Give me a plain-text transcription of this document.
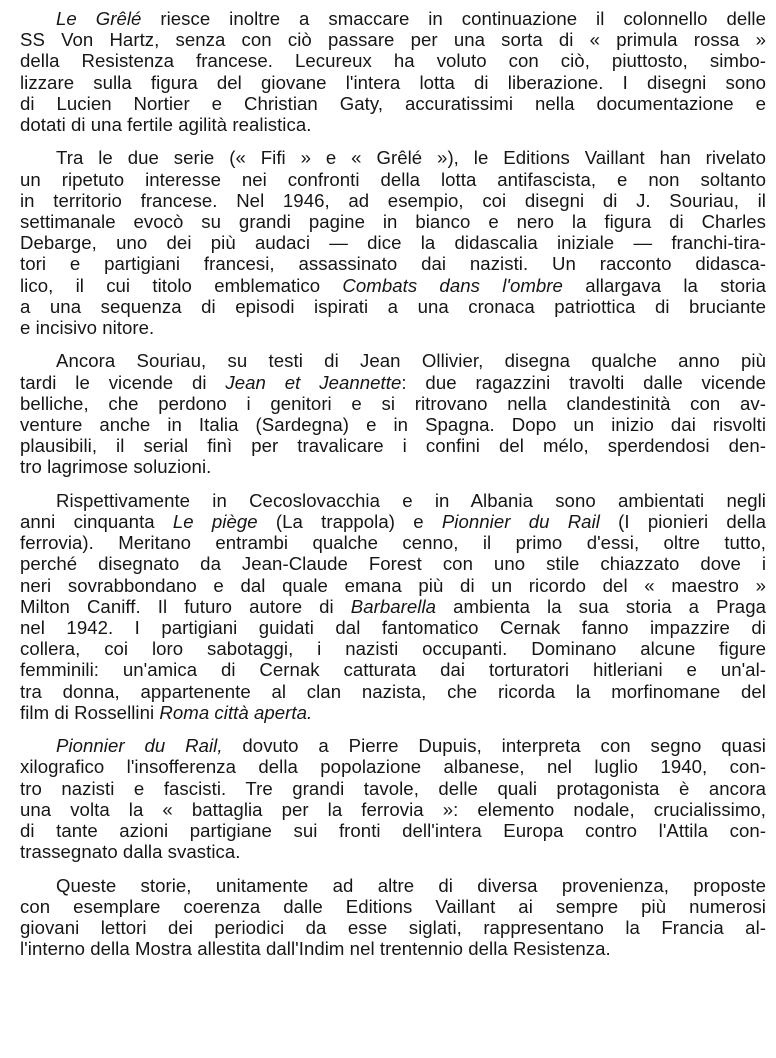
Le Grêlé riesce inoltre a smaccare in continuazione il colonnello delle
SS Von Hartz, senza con ciò passare per una sorta di « primula rossa »
della Resistenza francese. Lecureux ha voluto con ciò, piuttosto, simbo-
lizzare sulla figura del giovane l'intera lotta di liberazione. I disegni sono
di Lucien Nortier e Christian Gaty, accuratissimi nella documentazione e
dotati di una fertile agilità realistica.
Tra le due serie (« Fifi » e « Grêlé »), le Editions Vaillant han rivelato
un ripetuto interesse nei confronti della lotta antifascista, e non soltanto
in territorio francese. Nel 1946, ad esempio, coi disegni di J. Souriau, il
settimanale evocò su grandi pagine in bianco e nero la figura di Charles
Debarge, uno dei più audaci — dice la didascalia iniziale — franchi-tira-
tori e partigiani francesi, assassinato dai nazisti. Un racconto didasca-
lico, il cui titolo emblematico Combats dans l'ombre allargava la storia
a una sequenza di episodi ispirati a una cronaca patriottica di bruciante
e incisivo nitore.
Ancora Souriau, su testi di Jean Ollivier, disegna qualche anno più
tardi le vicende di Jean et Jeannette: due ragazzini travolti dalle vicende
belliche, che perdono i genitori e si ritrovano nella clandestinità con av-
venture anche in Italia (Sardegna) e in Spagna. Dopo un inizio dai risvolti
plausibili, il serial finì per travalicare i confini del mélo, sperdendosi den-
tro lagrimose soluzioni.
Rispettivamente in Cecoslovacchia e in Albania sono ambientati negli
anni cinquanta Le piège (La trappola) e Pionnier du Rail (I pionieri della
ferrovia). Meritano entrambi qualche cenno, il primo d'essi, oltre tutto,
perché disegnato da Jean-Claude Forest con uno stile chiazzato dove i
neri sovrabbondano e dal quale emana più di un ricordo del « maestro »
Milton Caniff. Il futuro autore di Barbarella ambienta la sua storia a Praga
nel 1942. I partigiani guidati dal fantomatico Cernak fanno impazzire di
collera, coi loro sabotaggi, i nazisti occupanti. Dominano alcune figure
femminili: un'amica di Cernak catturata dai torturatori hitleriani e un'al-
tra donna, appartenente al clan nazista, che ricorda la morfinomane del
film di Rossellini Roma città aperta.
Pionnier du Rail, dovuto a Pierre Dupuis, interpreta con segno quasi
xilografico l'insofferenza della popolazione albanese, nel luglio 1940, con-
tro nazisti e fascisti. Tre grandi tavole, delle quali protagonista è ancora
una volta la « battaglia per la ferrovia »: elemento nodale, crucialissimo,
di tante azioni partigiane sui fronti dell'intera Europa contro l'Attila con-
trassegnato dalla svastica.
Queste storie, unitamente ad altre di diversa provenienza, proposte
con esemplare coerenza dalle Editions Vaillant ai sempre più numerosi
giovani lettori dei periodici da esse siglati, rappresentano la Francia al-
l'interno della Mostra allestita dall'Indim nel trentennio della Resistenza.
